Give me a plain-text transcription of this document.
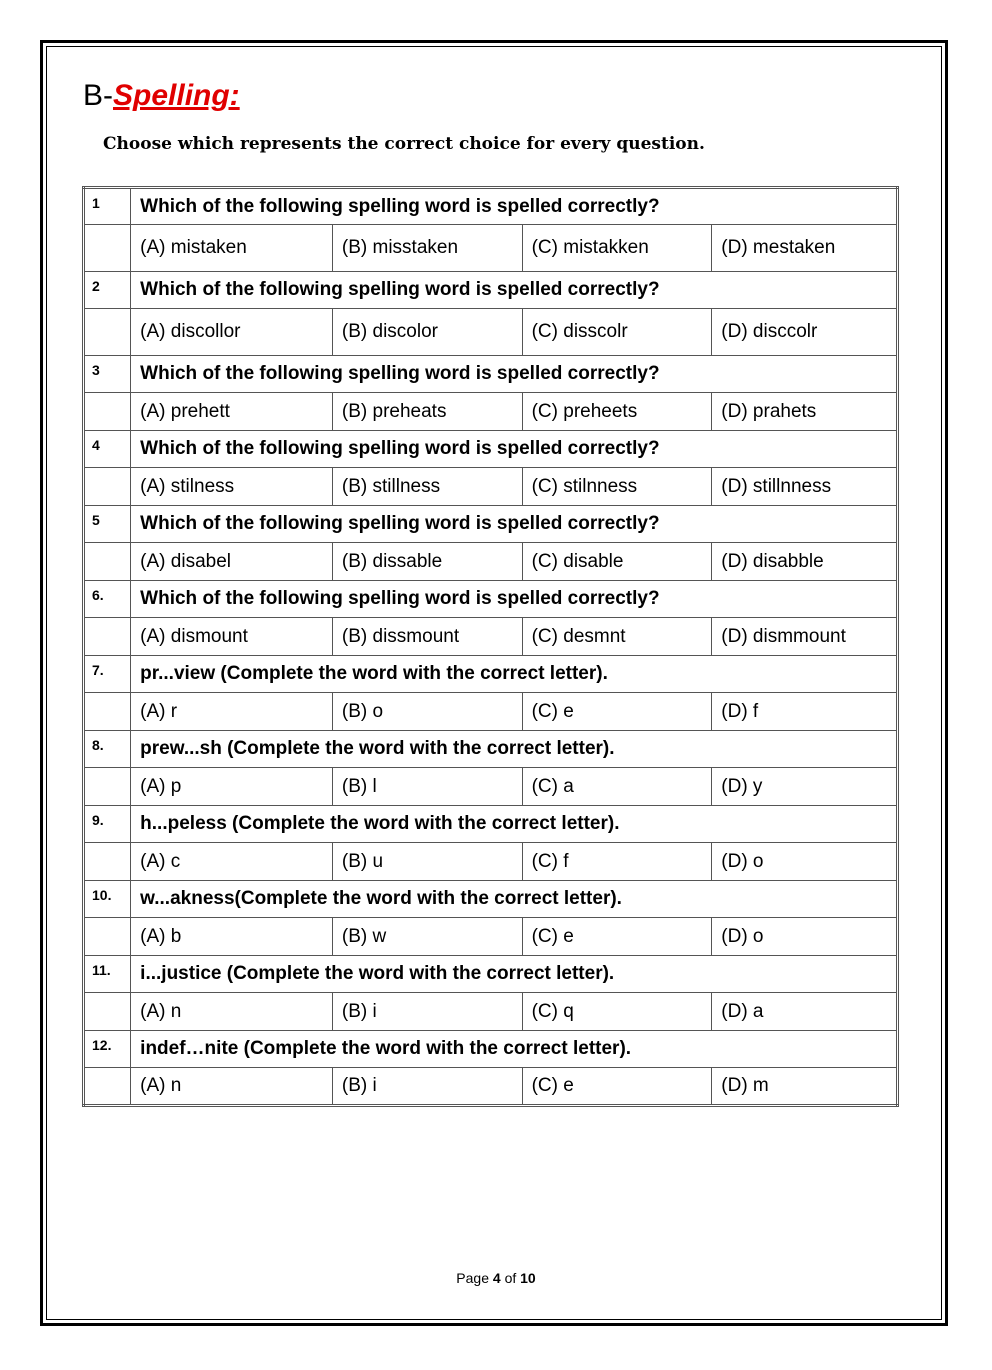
B-Spelling:
Choose which represents the correct choice for every question.
1	Which of the following spelling word is spelled correctly?			
	(A) mistaken	(B) misstaken	(C) mistakken	(D) mestaken
2	Which of the following spelling word is spelled correctly?			
	(A) discollor	(B) discolor	(C) disscolr	(D) disccolr
3	Which of the following spelling word is spelled correctly?			
	(A) prehett	(B) preheats	(C) preheets	(D) prahets
4	Which of the following spelling word is spelled correctly?			
	(A) stilness	(B) stillness	(C) stilnness	(D) stillnness
5	Which of the following spelling word is spelled correctly?			
	(A) disabel	(B) dissable	(C) disable	(D) disabble
6.	Which of the following spelling word is spelled correctly?			
	(A) dismount	(B) dissmount	(C) desmnt	(D) dismmount
7.	pr...view (Complete the word with the correct letter).			
	(A) r	(B) o	(C) e	(D) f
8.	prew...sh (Complete the word with the correct letter).			
	(A) p	(B) l	(C) a	(D) y
9.	h...peless (Complete the word with the correct letter).			
	(A) c	(B) u	(C) f	(D) o
10.	w...akness(Complete the word with the correct letter).			
	(A) b	(B) w	(C) e	(D) o
11.	i...justice (Complete the word with the correct letter).			
	(A) n	(B) i	(C) q	(D) a
12.	indef…nite (Complete the word with the correct letter).			
	(A) n	(B) i	(C) e	(D) m
Page 4 of 10
